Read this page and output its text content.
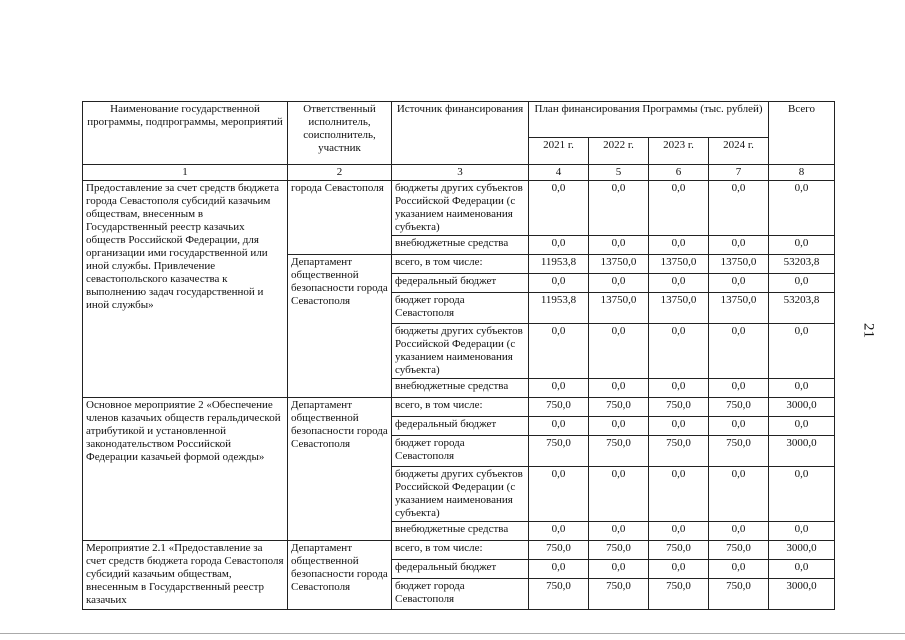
Наименование государственной программы, подпрограммы, мероприятий	Ответственный исполнитель, соисполнитель, участник	Источник финансирования	План финансирования Программы (тыс. рублей)				Всего
			2021 г.	2022 г.	2023 г.	2024 г.	
1	2	3	4	5	6	7	8
Предоставление за счет средств бюджета города Севастополя субсидий казачьим обществам, внесенным в Государственный реестр казачьих обществ Российской Федерации, для организации ими государственной или иной службы. Привлечение севастопольского казачества к выполнению задач государственной и иной службы»	города Севастополя	бюджеты других субъектов Российской Федерации (с указанием наименования субъекта)	0,0	0,0	0,0	0,0	0,0
		внебюджетные средства	0,0	0,0	0,0	0,0	0,0
	Департамент общественной безопасности города Севастополя	всего, в том числе:	11953,8	13750,0	13750,0	13750,0	53203,8
		федеральный бюджет	0,0	0,0	0,0	0,0	0,0
		бюджет города Севастополя	11953,8	13750,0	13750,0	13750,0	53203,8
		бюджеты других субъектов Российской Федерации (с указанием наименования субъекта)	0,0	0,0	0,0	0,0	0,0
		внебюджетные средства	0,0	0,0	0,0	0,0	0,0
Основное мероприятие 2 «Обеспечение членов казачьих обществ геральдической атрибутикой и установленной законодательством Российской Федерации казачьей формой одежды»	Департамент общественной безопасности города Севастополя	всего, в том числе:	750,0	750,0	750,0	750,0	3000,0
		федеральный бюджет	0,0	0,0	0,0	0,0	0,0
		бюджет города Севастополя	750,0	750,0	750,0	750,0	3000,0
		бюджеты других субъектов Российской Федерации (с указанием наименования субъекта)	0,0	0,0	0,0	0,0	0,0
		внебюджетные средства	0,0	0,0	0,0	0,0	0,0
Мероприятие 2.1 «Предоставление за счет средств бюджета города Севастополя субсидий казачьим обществам, внесенным в Государственный реестр казачьих	Департамент общественной безопасности города Севастополя	всего, в том числе:	750,0	750,0	750,0	750,0	3000,0
		федеральный бюджет	0,0	0,0	0,0	0,0	0,0
		бюджет города Севастополя	750,0	750,0	750,0	750,0	3000,0
21
